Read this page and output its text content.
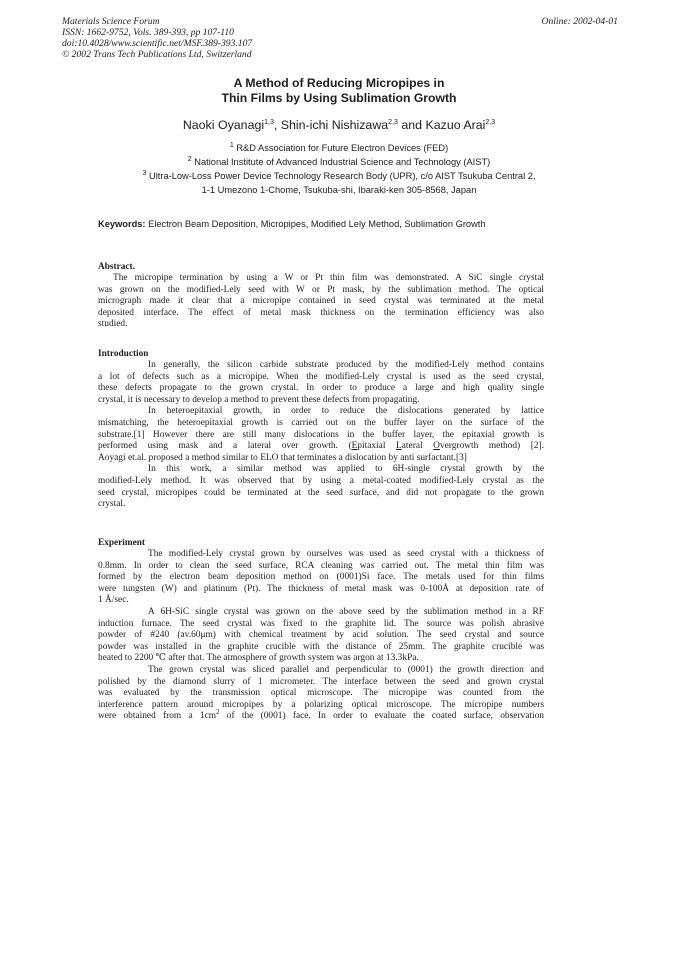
Materials Science Forum
ISSN: 1662-9752, Vols. 389-393, pp 107-110
doi:10.4028/www.scientific.net/MSF.389-393.107
© 2002 Trans Tech Publications Ltd, Switzerland
Online: 2002-04-01
A Method of Reducing Micropipes in
Thin Films by Using Sublimation Growth
Naoki Oyanagi$^{1,3}$, Shin-ichi Nishizawa$^{2,3}$ and Kazuo Arai$^{2,3}$
$^1$ R&D Association for Future Electron Devices (FED)
$^2$ National Institute of Advanced Industrial Science and Technology (AIST)
$^3$ Ultra-Low-Loss Power Device Technology Research Body (UPR), c/o AIST Tsukuba Central 2,
1-1 Umezono 1-Chome, Tsukuba-shi, Ibaraki-ken 305-8568, Japan
Keywords: Electron Beam Deposition, Micropipes, Modified Lely Method, Sublimation Growth
Abstract.
The micropipe termination by using a W or Pt thin film was demonstrated. A SiC single crystal
was grown on the modified-Lely seed with W or Pt mask, by the sublimation method. The optical
micrograph made it clear that a micropipe contained in seed crystal was terminated at the metal
deposited interface. The effect of metal mask thickness on the termination efficiency was also
studied.
Introduction
In generally, the silicon carbide substrate produced by the modified-Lely method contains
a lot of defects such as a micropipe. When the modified-Lely crystal is used as the seed crystal,
these defects propagate to the grown crystal. In order to produce a large and high quality single
crystal, it is necessary to develop a method to prevent these defects from propagating.
In heteroepitaxial growth, in order to reduce the dislocations generated by lattice
mismatching, the heteroepitaxial growth is carried out on the buffer layer on the surface of the
substrate.[1] However there are still many dislocations in the buffer layer, the epitaxial growth is
performed using mask and a lateral over growth. (Epitaxial Lateral Overgrowth method) [2].
Aoyagi et.al. proposed a method similar to ELO that terminates a dislocation by anti surfactant.[3]
In this work, a similar method was applied to 6H-single crystal growth by the
modified-Lely method. It was observed that by using a metal-coated modified-Lely crystal as the
seed crystal, micropipes could be terminated at the seed surface, and did not propagate to the grown
crystal.
Experiment
The modified-Lely crystal grown by ourselves was used as seed crystal with a thickness of
0.8mm. In order to clean the seed surface, RCA cleaning was carried out. The metal thin film was
formed by the electron beam deposition method on (0001)Si face. The metals used for thin films
were tungsten (W) and platinum (Pt). The thickness of metal mask was 0-100Å at deposition rate of
1 Å/sec.
A 6H-SiC single crystal was grown on the above seed by the sublimation method in a RF
induction furnace. The seed crystal was fixed to the graphite lid. The source was polish abrasive
powder of #240 (av.60μm) with chemical treatment by acid solution. The seed crystal and source
powder was installed in the graphite crucible with the distance of 25mm. The graphite crucible was
heated to 2200 ℃ after that. The atmosphere of growth system was argon at 13.3kPa.
The grown crystal was sliced parallel and perpendicular to (0001) the growth direction and
polished by the diamond slurry of 1 micrometer. The interface between the seed and grown crystal
was evaluated by the transmission optical microscope. The micropipe was counted from the
interference pattern around micropipes by a polarizing optical microscope. The micropipe numbers
were obtained from a $1cm^2$ of the (0001) face. In order to evaluate the coated surface, observation
